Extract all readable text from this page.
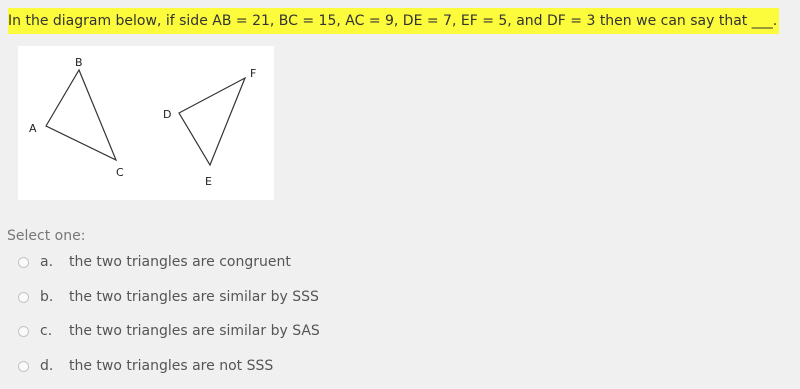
In the diagram below, if side AB = 21, BC = 15, AC = 9, DE = 7, EF = 5, and DF = 3 then we can say that ___.
A
B
C
D
E
F
Select one:
a.	the two triangles are congruent
b.	the two triangles are similar by SSS
c.	the two triangles are similar by SAS
d.	the two triangles are not SSS
